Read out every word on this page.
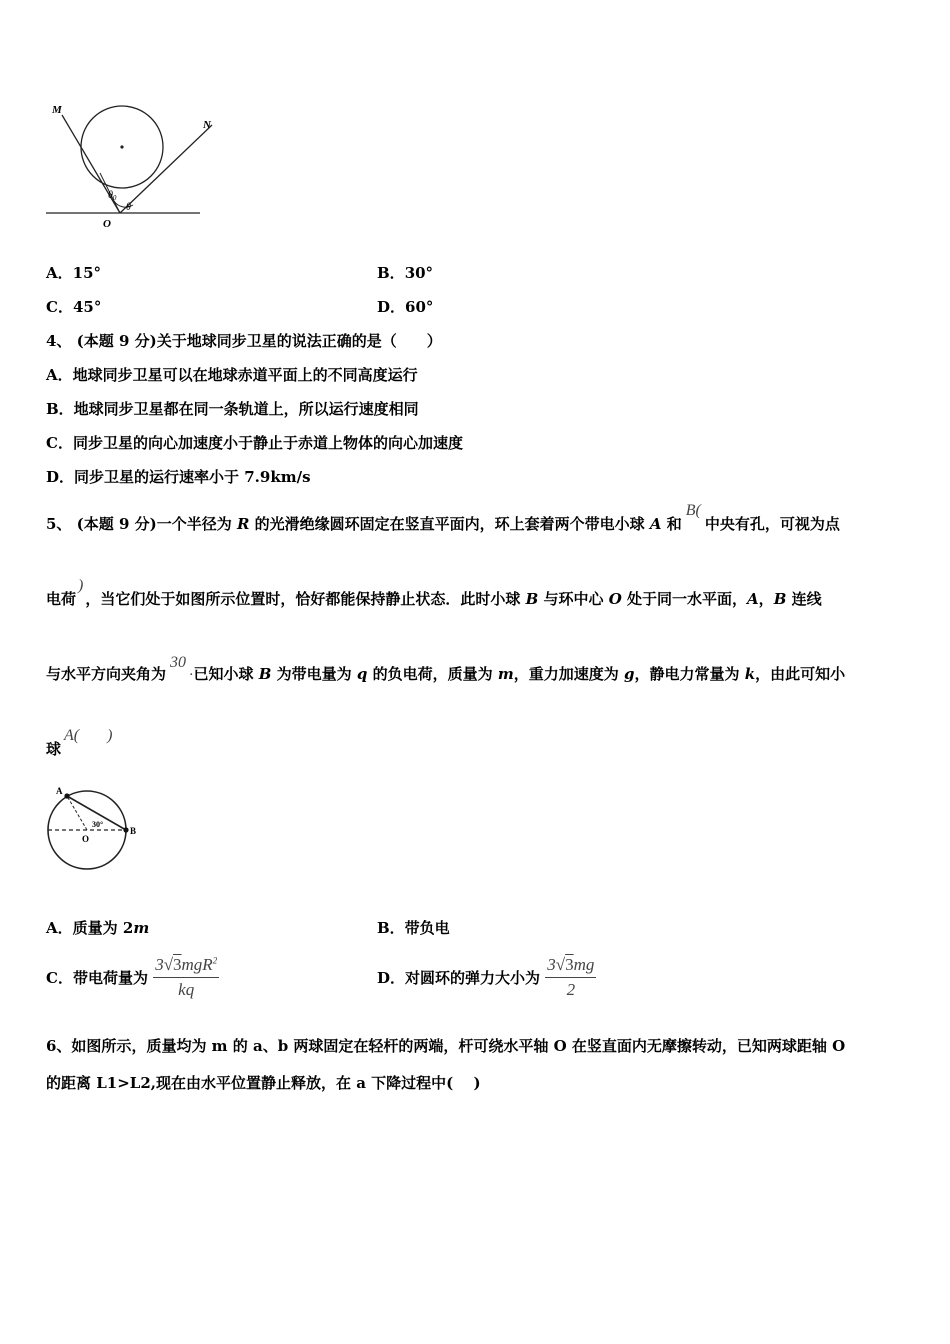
M
N
O
$\theta_0$
θ
A．15°	B．30°
C．45°	D．60°
4、 (本题 9 分)关于地球同步卫星的说法正确的是（　　）
A．地球同步卫星可以在地球赤道平面上的不同高度运行
B．地球同步卫星都在同一条轨道上，所以运行速度相同
C．同步卫星的向心加速度小于静止于赤道上物体的向心加速度
D．同步卫星的运行速率小于 7.9km/s
5、 (本题 9 分)一个半径为 R 的光滑绝缘圆环固定在竖直平面内，环上套着两个带电小球 A 和B(中央有孔，可视为点
电荷)，当它们处于如图所示位置时，恰好都能保持静止状态．此时小球 B 与环中心 O 处于同一水平面，A，B 连线
与水平方向夹角为30 .已知小球 B 为带电量为 q 的负电荷，质量为 m，重力加速度为 g，静电力常量为 k，由此可知小
球A( )
A
B
O
30°
A．质量为 2m	B．带负电
C．带电荷量为 $\frac{3√3mgR^2}{kq}$	D．对圆环的弹力大小为 $\frac{3√3mg}{2}$
6、如图所示，质量均为 m 的 a、b 两球固定在轻杆的两端，杆可绕水平轴 O 在竖直面内无摩擦转动，已知两球距轴 O
的距离 L1>L2,现在由水平位置静止释放，在 a 下降过程中(　 )
